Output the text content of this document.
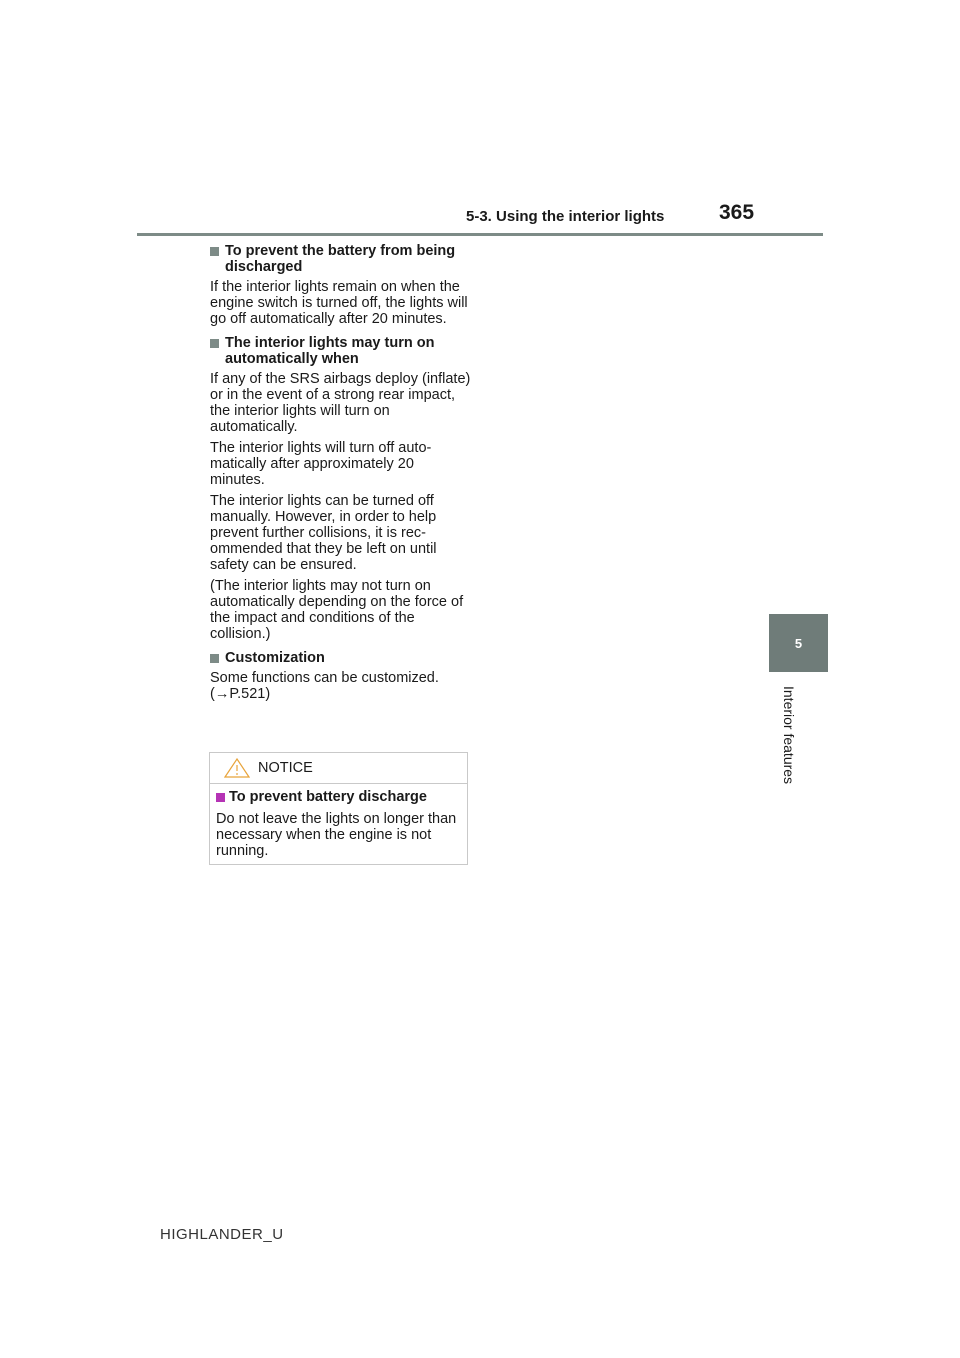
5-3. Using the interior lights	365
5
Interior features
To prevent the battery from being discharged

If the interior lights remain on when the engine switch is turned off, the lights will go off automatically after 20 minutes.

The interior lights may turn on automatically when

If any of the SRS airbags deploy (inflate) or in the event of a strong rear impact, the interior lights will turn on automatically.

The interior lights will turn off auto-matically after approximately 20 minutes.

The interior lights can be turned off manually. However, in order to help prevent further collisions, it is rec-ommended that they be left on until safety can be ensured.

(The interior lights may not turn on automatically depending on the force of the impact and conditions of the collision.)

Customization

Some functions can be customized. (→P.521)

NOTICE
To prevent battery discharge
Do not leave the lights on longer than necessary when the engine is not running.
HIGHLANDER_U
